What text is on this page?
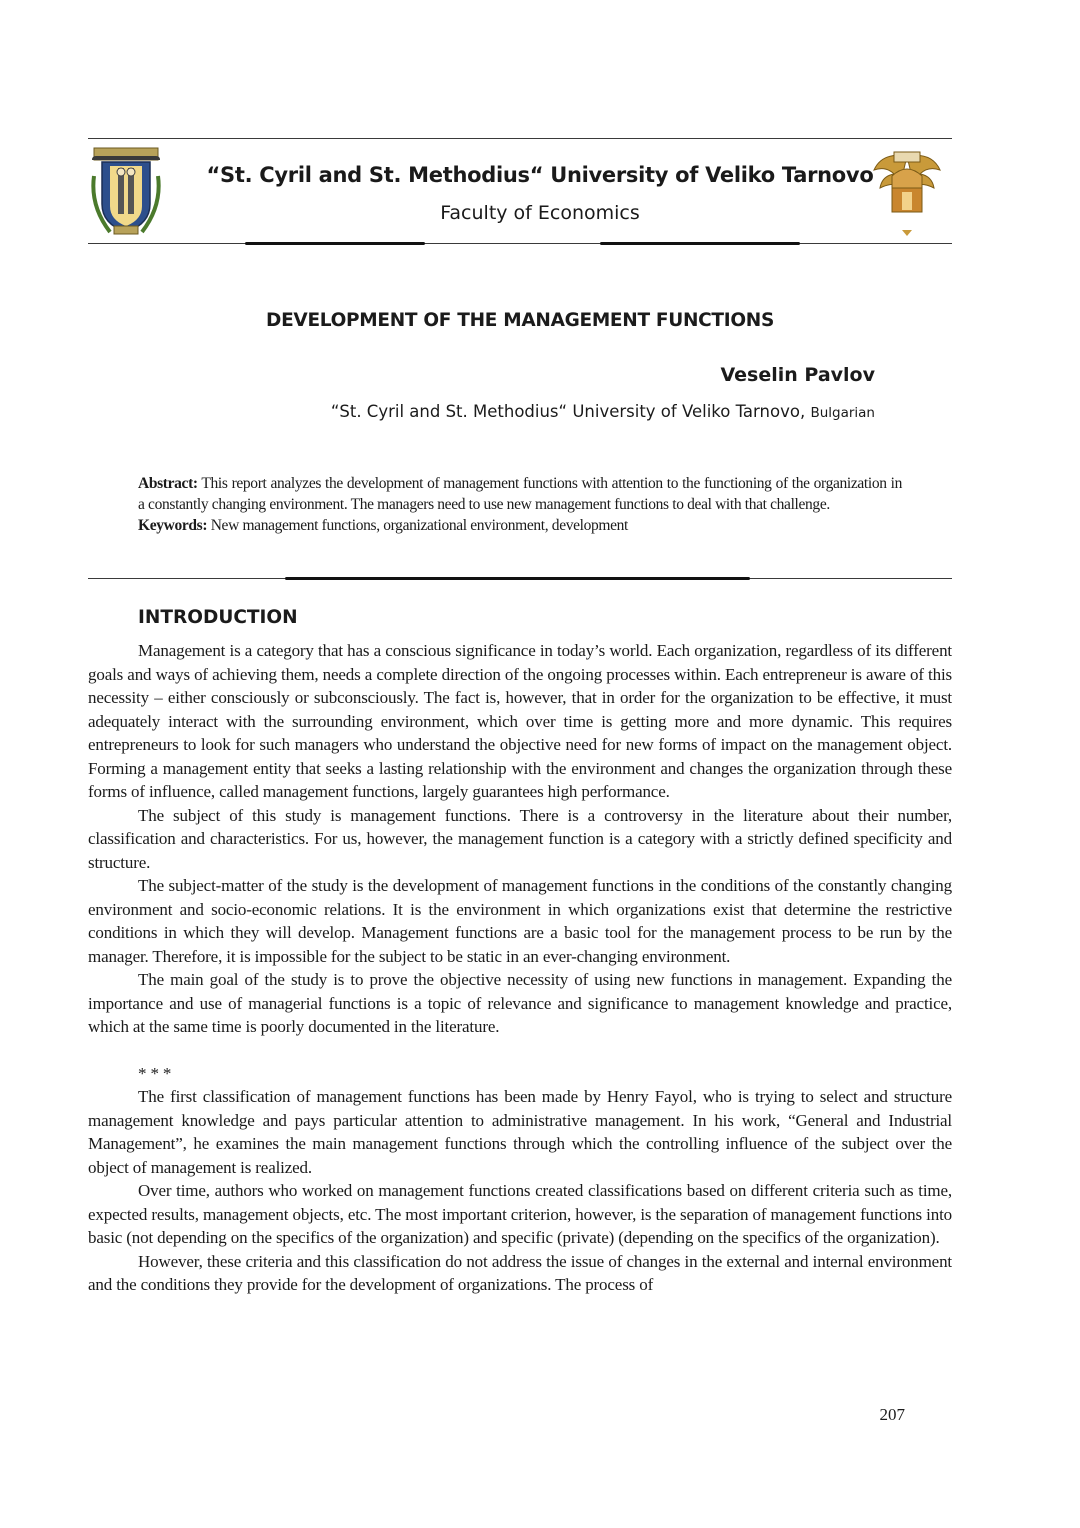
“St. Cyril and St. Methodius“ University of Veliko Tarnovo
Faculty of Economics
DEVELOPMENT OF THE MANAGEMENT FUNCTIONS
Veselin Pavlov
“St. Cyril and St. Methodius“ University of Veliko Tarnovo, Bulgarian

Abstract: This report analyzes the development of management functions with attention to the functioning of the organization in a constantly changing environment. The managers need to use new management functions to deal with that challenge.

Keywords: New management functions, organizational environment, development

INTRODUCTION

Management is a category that has a conscious significance in today’s world. Each organization, regardless of its different goals and ways of achieving them, needs a complete direction of the ongoing processes within. Each entrepreneur is aware of this necessity – either consciously or subconsciously. The fact is, however, that in order for the organization to be effective, it must adequately interact with the surrounding environment, which over time is getting more and more dynamic. This requires entrepreneurs to look for such managers who understand the objective need for new forms of impact on the management object. Forming a management entity that seeks a lasting relationship with the environment and changes the organization through these forms of influence, called management functions, largely guarantees high performance.

The subject of this study is management functions. There is a controversy in the literature about their number, classification and characteristics. For us, however, the management function is a category with a strictly defined specificity and structure.

The subject-matter of the study is the development of management functions in the conditions of the constantly changing environment and socio-economic relations. It is the environment in which organizations exist that determine the restrictive conditions in which they will develop. Management functions are a basic tool for the management process to be run by the manager. Therefore, it is impossible for the subject to be static in an ever-changing environment.

The main goal of the study is to prove the objective necessity of using new functions in management. Expanding the importance and use of managerial functions is a topic of relevance and significance to management knowledge and practice, which at the same time is poorly documented in the literature.

* * *

The first classification of management functions has been made by Henry Fayol, who is trying to select and structure management knowledge and pays particular attention to administrative management. In his work, “General and Industrial Management”, he examines the main management functions through which the controlling influence of the subject over the object of management is realized.

Over time, authors who worked on management functions created classifications based on different criteria such as time, expected results, management objects, etc. The most important criterion, however, is the separation of management functions into basic (not depending on the specifics of the organization) and specific (private) (depending on the specifics of the organization).

However, these criteria and this classification do not address the issue of changes in the external and internal environment and the conditions they provide for the development of organizations. The process of

207
